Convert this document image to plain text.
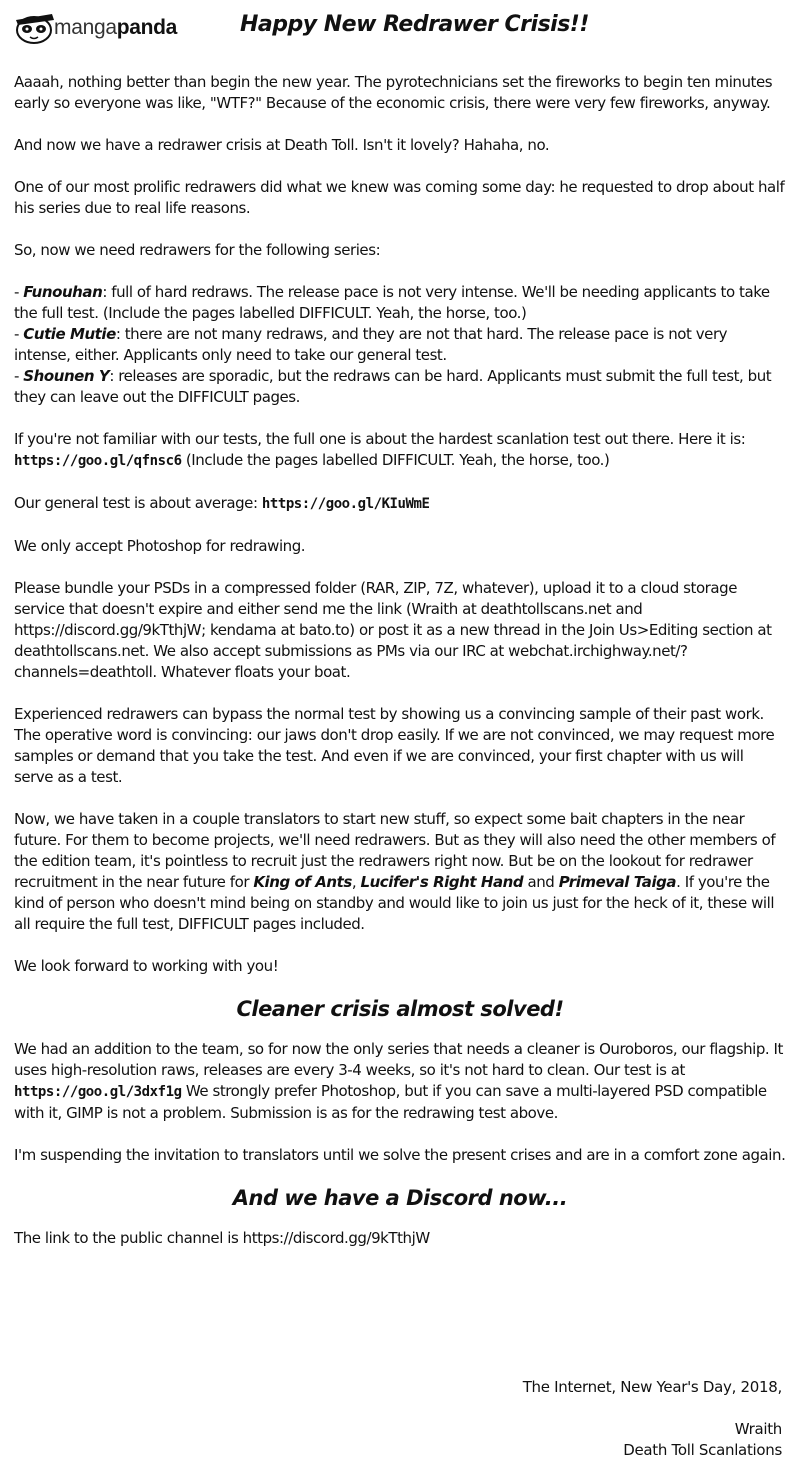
mangapanda	Happy New Redrawer Crisis!!

Aaaah, nothing better than begin the new year. The pyrotechnicians set the fireworks to begin ten minutes early so everyone was like, "WTF?" Because of the economic crisis, there were very few fireworks, anyway.

And now we have a redrawer crisis at Death Toll. Isn't it lovely? Hahaha, no.

One of our most prolific redrawers did what we knew was coming some day: he requested to drop about half his series due to real life reasons.

So, now we need redrawers for the following series:

- Funouhan: full of hard redraws. The release pace is not very intense. We'll be needing applicants to take the full test. (Include the pages labelled DIFFICULT. Yeah, the horse, too.)
- Cutie Mutie: there are not many redraws, and they are not that hard. The release pace is not very intense, either. Applicants only need to take our general test.
- Shounen Y: releases are sporadic, but the redraws can be hard. Applicants must submit the full test, but they can leave out the DIFFICULT pages.

If you're not familiar with our tests, the full one is about the hardest scanlation test out there. Here it is: https://goo.gl/qfnsc6 (Include the pages labelled DIFFICULT. Yeah, the horse, too.)

Our general test is about average: https://goo.gl/KIuWmE

We only accept Photoshop for redrawing.

Please bundle your PSDs in a compressed folder (RAR, ZIP, 7Z, whatever), upload it to a cloud storage service that doesn't expire and either send me the link (Wraith at deathtollscans.net and https://discord.gg/9kTthjW; kendama at bato.to) or post it as a new thread in the Join Us>Editing section at deathtollscans.net. We also accept submissions as PMs via our IRC at webchat.irchighway.net/?channels=deathtoll. Whatever floats your boat.

Experienced redrawers can bypass the normal test by showing us a convincing sample of their past work. The operative word is convincing: our jaws don't drop easily. If we are not convinced, we may request more samples or demand that you take the test. And even if we are convinced, your first chapter with us will serve as a test.

Now, we have taken in a couple translators to start new stuff, so expect some bait chapters in the near future. For them to become projects, we'll need redrawers. But as they will also need the other members of the edition team, it's pointless to recruit just the redrawers right now. But be on the lookout for redrawer recruitment in the near future for King of Ants, Lucifer's Right Hand and Primeval Taiga. If you're the kind of person who doesn't mind being on standby and would like to join us just for the heck of it, these will all require the full test, DIFFICULT pages included.

We look forward to working with you!

Cleaner crisis almost solved!

We had an addition to the team, so for now the only series that needs a cleaner is Ouroboros, our flagship. It uses high-resolution raws, releases are every 3-4 weeks, so it's not hard to clean. Our test is at https://goo.gl/3dxf1g We strongly prefer Photoshop, but if you can save a multi-layered PSD compatible with it, GIMP is not a problem. Submission is as for the redrawing test above.

I'm suspending the invitation to translators until we solve the present crises and are in a comfort zone again.

And we have a Discord now...

The link to the public channel is https://discord.gg/9kTthjW

The Internet, New Year's Day, 2018,
Wraith
Death Toll Scanlations
